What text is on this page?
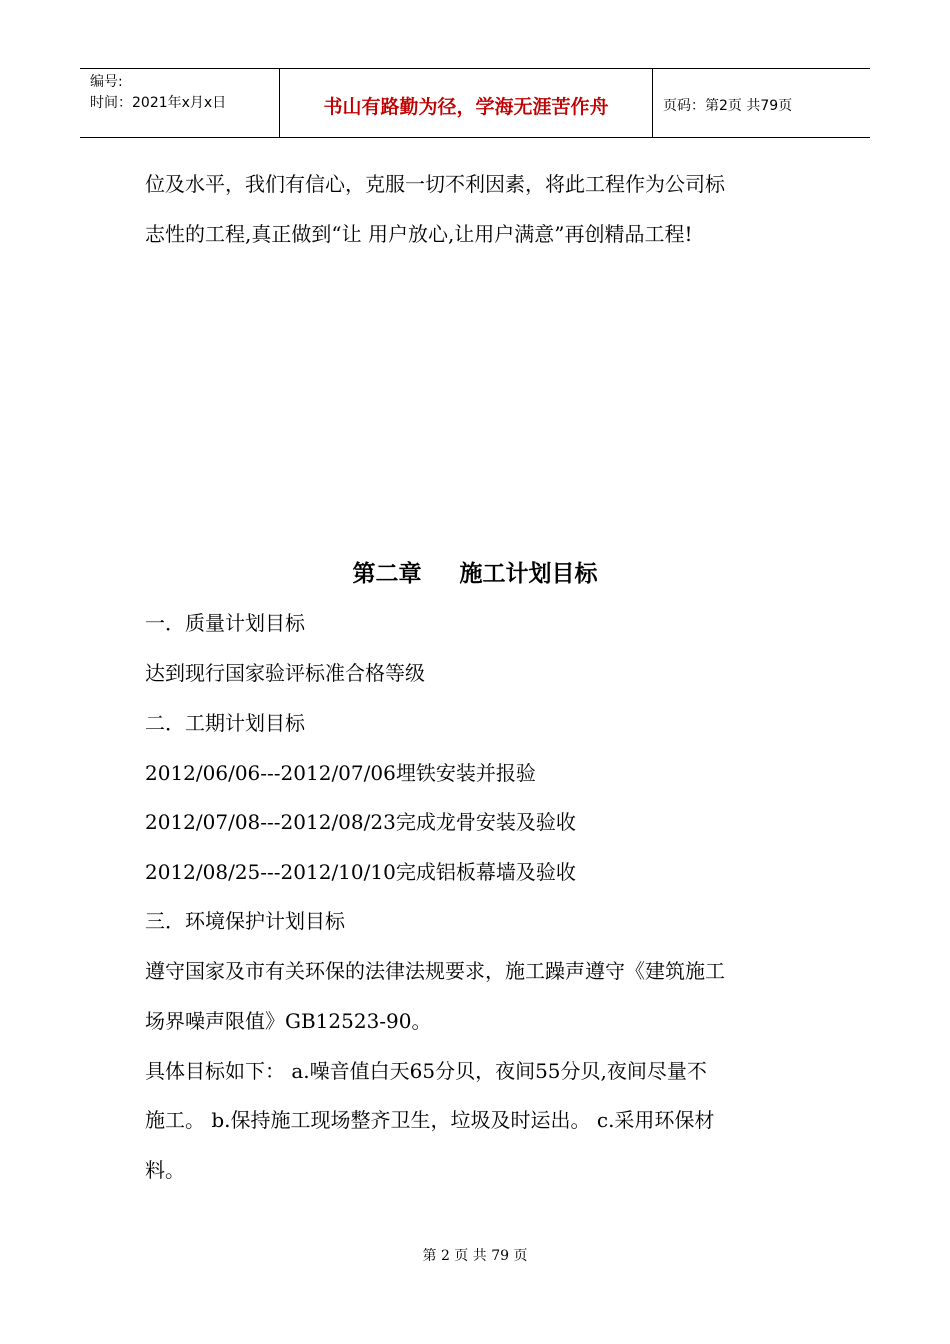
编号:
时间：2021年x月x日	书山有路勤为径，学海无涯苦作舟	页码：第2页 共79页
位及水平，我们有信心，克服一切不利因素，将此工程作为公司标
志性的工程,真正做到“让 用户放心,让用户满意”再创精品工程!
第二章 施工计划目标
一．质量计划目标
达到现行国家验评标准合格等级
二．工期计划目标
2012/06/06---2012/07/06埋铁安装并报验
2012/07/08---2012/08/23完成龙骨安装及验收
2012/08/25---2012/10/10完成铝板幕墙及验收
三．环境保护计划目标
遵守国家及市有关环保的法律法规要求，施工躁声遵守《建筑施工
场界噪声限值》GB12523-90。
具体目标如下： a.噪音值白天65分贝，夜间55分贝,夜间尽量不
施工。 b.保持施工现场整齐卫生，垃圾及时运出。 c.采用环保材
料。
第 2 页 共 79 页
